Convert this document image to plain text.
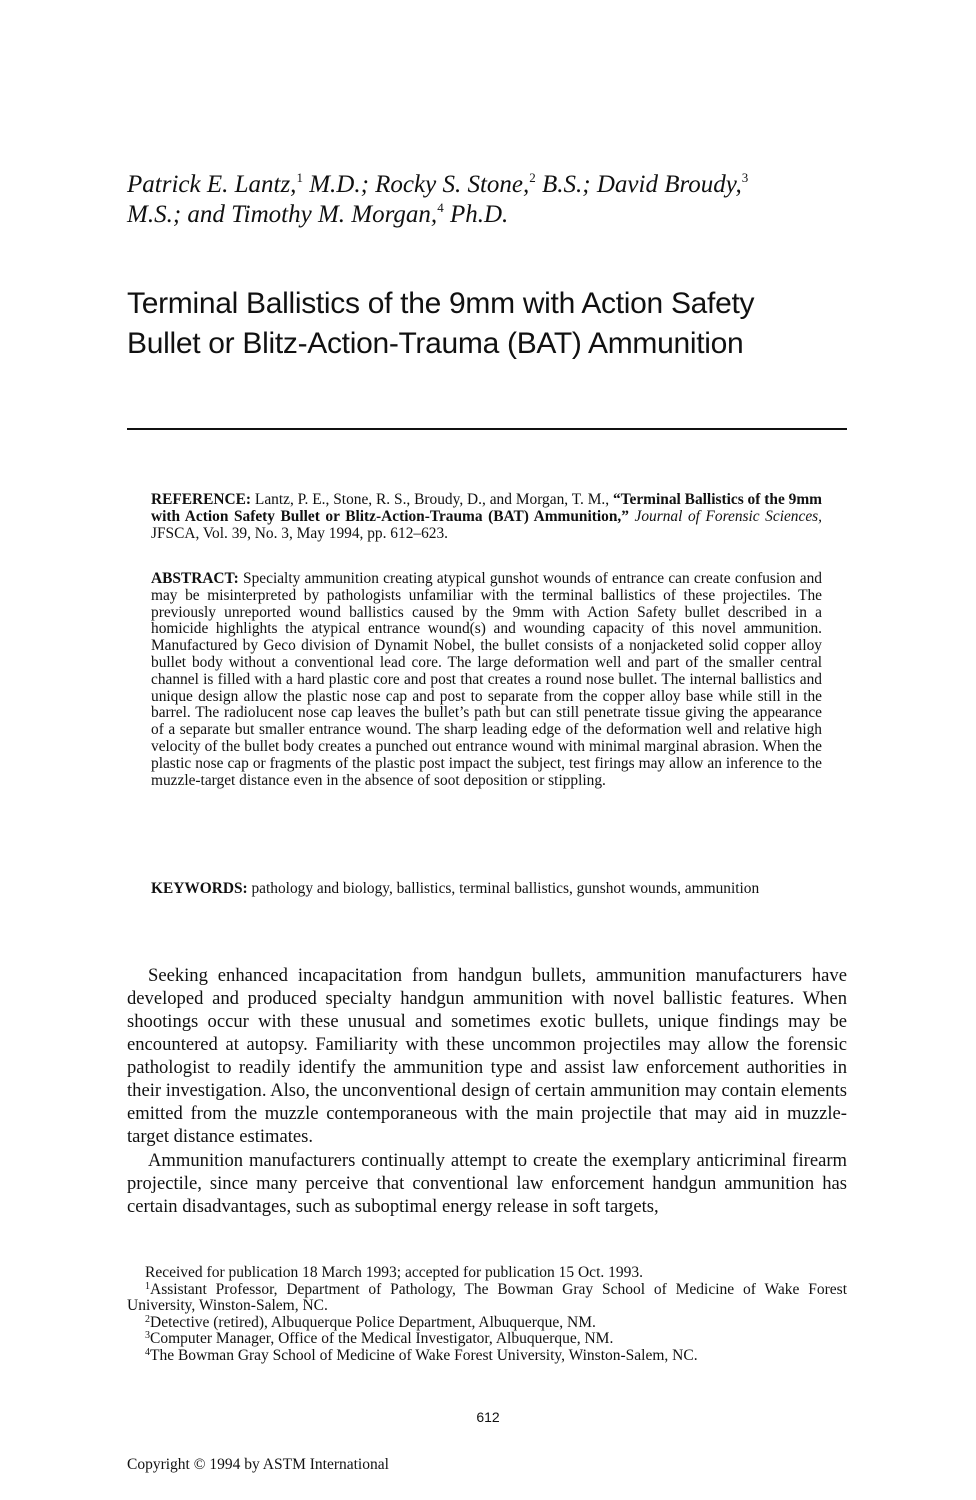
Patrick E. Lantz,$^1$ M.D.; Rocky S. Stone,$^2$ B.S.; David Broudy,$^3$
M.S.; and Timothy M. Morgan,$^4$ Ph.D.
Terminal Ballistics of the 9mm with Action Safety
Bullet or Blitz-Action-Trauma (BAT) Ammunition
REFERENCE: Lantz, P. E., Stone, R. S., Broudy, D., and Morgan, T. M., “Terminal Ballistics of the 9mm with Action Safety Bullet or Blitz-Action-Trauma (BAT) Ammunition,” Journal of Forensic Sciences, JFSCA, Vol. 39, No. 3, May 1994, pp. 612–623.
ABSTRACT: Specialty ammunition creating atypical gunshot wounds of entrance can create confusion and may be misinterpreted by pathologists unfamiliar with the terminal ballistics of these projectiles. The previously unreported wound ballistics caused by the 9mm with Action Safety bullet described in a homicide highlights the atypical entrance wound(s) and wounding capacity of this novel ammunition. Manufactured by Geco division of Dynamit Nobel, the bullet consists of a nonjacketed solid copper alloy bullet body without a conventional lead core. The large deformation well and part of the smaller central channel is filled with a hard plastic core and post that creates a round nose bullet. The internal ballistics and unique design allow the plastic nose cap and post to separate from the copper alloy base while still in the barrel. The radiolucent nose cap leaves the bullet’s path but can still penetrate tissue giving the appearance of a separate but smaller entrance wound. The sharp leading edge of the deformation well and relative high velocity of the bullet body creates a punched out entrance wound with minimal marginal abrasion. When the plastic nose cap or fragments of the plastic post impact the subject, test firings may allow an inference to the muzzle-target distance even in the absence of soot deposition or stippling.
KEYWORDS: pathology and biology, ballistics, terminal ballistics, gunshot wounds, ammunition

Seeking enhanced incapacitation from handgun bullets, ammunition manufacturers have developed and produced specialty handgun ammunition with novel ballistic features. When shootings occur with these unusual and sometimes exotic bullets, unique findings may be encountered at autopsy. Familiarity with these uncommon projectiles may allow the forensic pathologist to readily identify the ammunition type and assist law enforcement authorities in their investigation. Also, the unconventional design of certain ammunition may contain elements emitted from the muzzle contemporaneous with the main projectile that may aid in muzzle-target distance estimates.

Ammunition manufacturers continually attempt to create the exemplary anticriminal firearm projectile, since many perceive that conventional law enforcement handgun ammunition has certain disadvantages, such as suboptimal energy release in soft targets,

Received for publication 18 March 1993; accepted for publication 15 Oct. 1993.

$^1$Assistant Professor, Department of Pathology, The Bowman Gray School of Medicine of Wake Forest University, Winston-Salem, NC.

$^2$Detective (retired), Albuquerque Police Department, Albuquerque, NM.

$^3$Computer Manager, Office of the Medical Investigator, Albuquerque, NM.

$^4$The Bowman Gray School of Medicine of Wake Forest University, Winston-Salem, NC.

612
Copyright © 1994 by ASTM International
